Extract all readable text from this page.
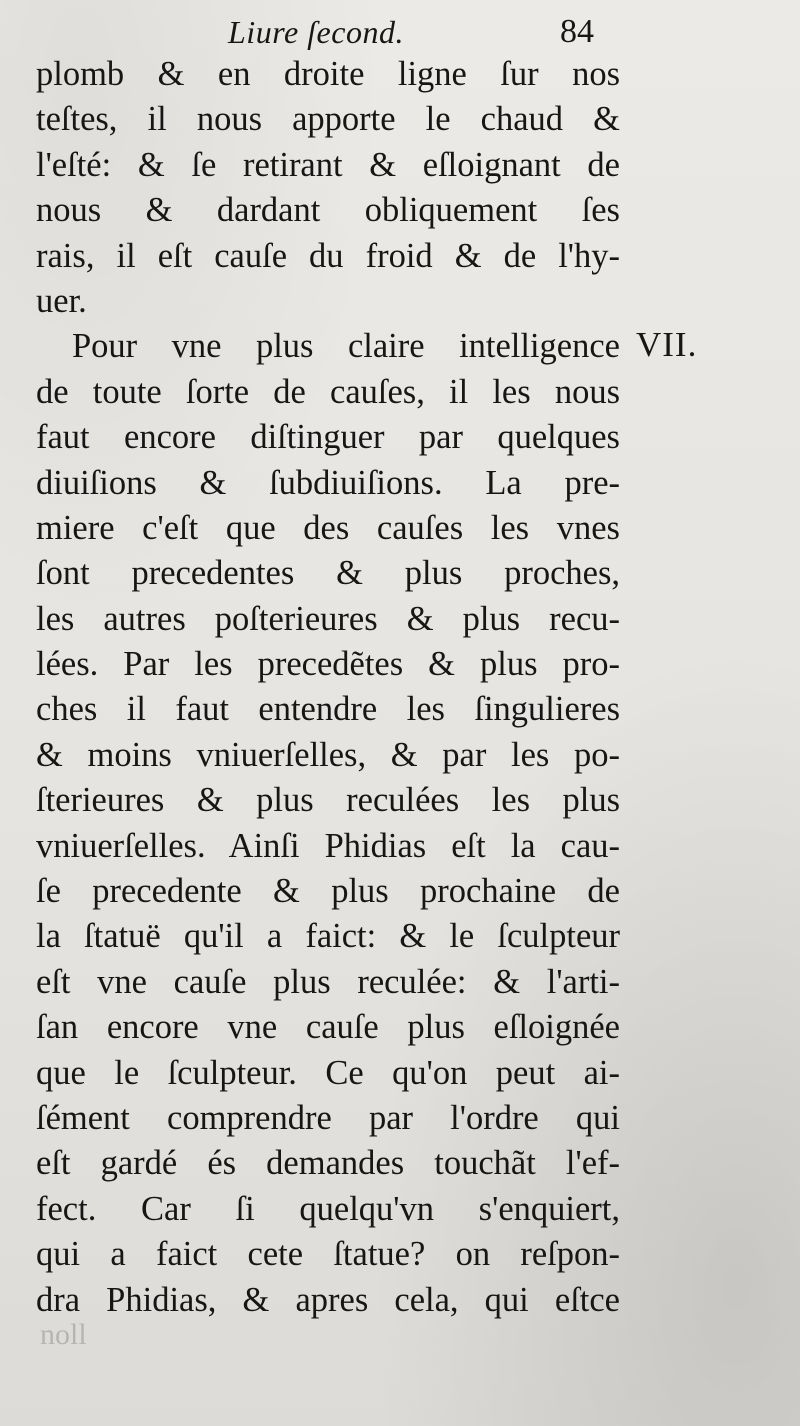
Liure ſecond.	84
VII.
plomb & en droite ligne ſur nos
teſtes, il nous apporte le chaud &
l'eſté: & ſe retirant & eſloignant de
nous & dardant obliquement ſes
rais, il eſt cauſe du froid & de l'hy-
uer.
Pour vne plus claire intelligence
de toute ſorte de cauſes, il les nous
faut encore diſtinguer par quelques
diuiſions & ſubdiuiſions. La pre-
miere c'eſt que des cauſes les vnes
ſont precedentes & plus proches,
les autres poſterieures & plus recu-
lées. Par les precedẽtes & plus pro-
ches il faut entendre les ſingulieres
& moins vniuerſelles, & par les po-
ſterieures & plus reculées les plus
vniuerſelles. Ainſi Phidias eſt la cau-
ſe precedente & plus prochaine de
la ſtatuë qu'il a faict: & le ſculpteur
eſt vne cauſe plus reculée: & l'arti-
ſan encore vne cauſe plus eſloignée
que le ſculpteur. Ce qu'on peut ai-
ſément comprendre par l'ordre qui
eſt gardé és demandes touchãt l'ef-
fect. Car ſi quelqu'vn s'enquiert,
qui a faict cete ſtatue? on reſpon-
dra Phidias, & apres cela, qui eſtce
noll
